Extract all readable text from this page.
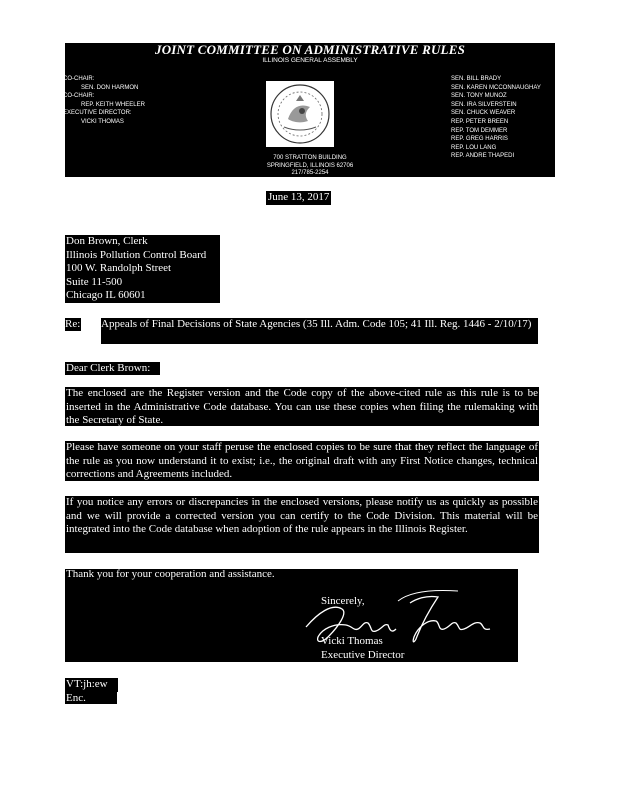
JOINT COMMITTEE ON ADMINISTRATIVE RULES
ILLINOIS GENERAL ASSEMBLY
CO-CHAIR:
SEN. DON HARMON
CO-CHAIR:
REP. KEITH WHEELER
EXECUTIVE DIRECTOR:
VICKI THOMAS
SEN. BILL BRADY
SEN. KAREN MCCONNAUGHAY
SEN. TONY MUNOZ
SEN. IRA SILVERSTEIN
SEN. CHUCK WEAVER
REP. PETER BREEN
REP. TOM DEMMER
REP. GREG HARRIS
REP. LOU LANG
REP. ANDRE THAPEDI
700 STRATTON BUILDING
SPRINGFIELD, ILLINOIS 62706
217/785-2254
June 13, 2017
Don Brown, Clerk
Illinois Pollution Control Board
100 W. Randolph Street
Suite 11-500
Chicago IL 60601
Re: Appeals of Final Decisions of State Agencies (35 Ill. Adm. Code 105; 41 Ill. Reg. 1446 - 2/10/17)
Dear Clerk Brown:
The enclosed are the Register version and the Code copy of the above-cited rule as this rule is to be inserted in the Administrative Code database. You can use these copies when filing the rulemaking with the Secretary of State.
Please have someone on your staff peruse the enclosed copies to be sure that they reflect the language of the rule as you now understand it to exist; i.e., the original draft with any First Notice changes, technical corrections and Agreements included.
If you notice any errors or discrepancies in the enclosed versions, please notify us as quickly as possible and we will provide a corrected version you can certify to the Code Division. This material will be integrated into the Code database when adoption of the rule appears in the Illinois Register.
Thank you for your cooperation and assistance.
Sincerely,
Vicki Thomas
Executive Director
VT:jh:ew
Enc.
